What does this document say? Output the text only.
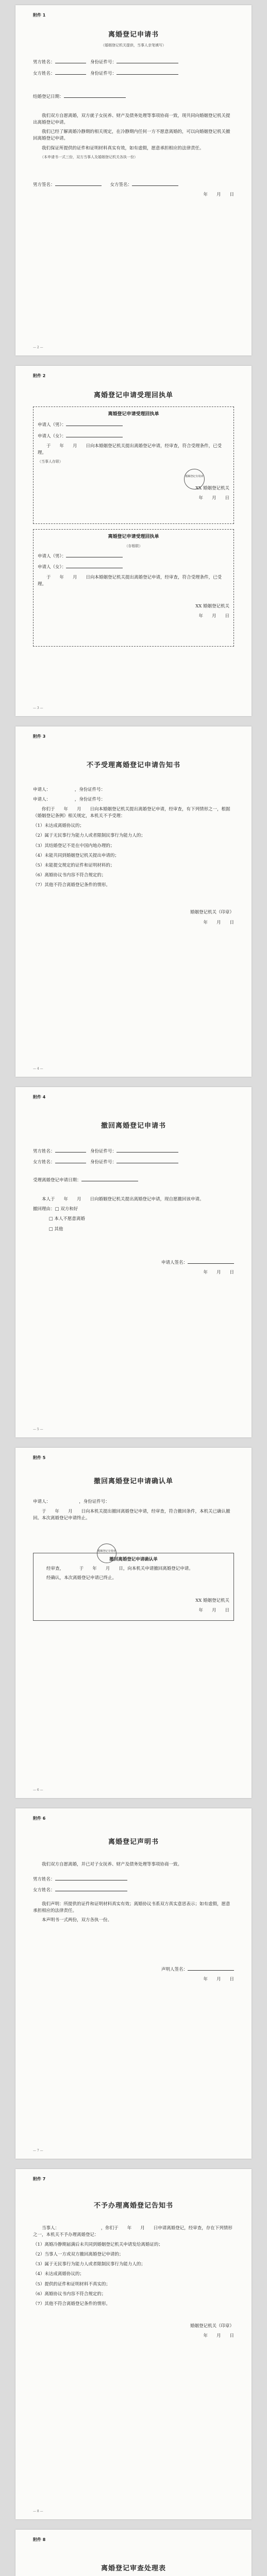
附件 1
离婚登记申请书
（婚姻登记机关提供，当事人亲笔填写）
男方姓名：　	身份证件号：
女方姓名：　	身份证件号：
结婚登记日期：
我们双方自愿离婚，双方就子女抚养、财产及债务处理等事项协商一致，现共同向婚姻登记机关提出离婚登记申请。
我们已经了解离婚冷静期的相关规定，在冷静期内任何一方不愿意离婚的，可以向婚姻登记机关撤回离婚登记申请。
我们保证所提供的证件和证明材料真实有效，如有虚假，愿意承担相应的法律责任。
（本申请书一式三份，双方当事人及婚姻登记机关各执一份）
男方签名：　　	女方签名：
年　　月　　日
— 2 —
附件 2
离婚登记申请受理回执单
离婚登记申请受理回执单
申请人（男）：
申请人（女）：
于　　年　　月　　日向本婚姻登记机关提出离婚登记申请，经审查，符合受理条件，已受理。
（当事人存联）
婚姻登记专用章
XX 婚姻登记机关
年　　月　　日
离婚登记申请受理回执单
（存根联）
申请人（男）：
申请人（女）：
于　　年　　月　　日向本婚姻登记机关提出离婚登记申请，经审查，符合受理条件，已受理。
XX 婚姻登记机关
年　　月　　日
— 3 —
附件 3
不予受理离婚登记申请告知书
申请人：　　　　　　，身份证件号：
申请人：　　　　　　，身份证件号：
你们于　　年　　月　　日向本婚姻登记机关提出离婚登记申请，经审查，有下列情形之一，根据《婚姻登记条例》相关规定，本机关不予受理：
（1）未达成离婚协议的；
（2）属于无民事行为能力人或者限制民事行为能力人的；
（3）其结婚登记不是在中国内地办理的；
（4）未能共同到婚姻登记机关提出申请的；
（5）未能提交规定的证件和证明材料的；
（6）离婚协议书内容不符合规定的；
（7）其他不符合离婚登记条件的情形。
婚姻登记机关（印章）
年　　月　　日
— 4 —
附件 4
撤回离婚登记申请书
男方姓名：　	身份证件号：
女方姓名：　	身份证件号：
受理离婚登记申请日期：
本人于　　年　　月　　日向婚姻登记机关提出离婚登记申请，现自愿撤回该申请。
撤回理由：□ 双方和好
□ 本人不愿意离婚
□ 其他
申请人签名：
年　　月　　日
— 5 —
附件 5
撤回离婚登记申请确认单
申请人：　　　　　　　，身份证件号：
于　　年　　月　　日向本机关提出撤回离婚登记申请，经审查，符合撤回条件，本机关已确认撤回。本次离婚登记申请终止。
婚姻登记专用章
撤回离婚登记申请确认单
经审查，　　　　于　　年　　月　　日，向本机关申请撤回离婚登记申请。
经确认，本次离婚登记申请已终止。
XX 婚姻登记机关
年　　月　　日
— 6 —
附件 6
离婚登记声明书
我们双方自愿离婚，并已对子女抚养、财产及债务处理等事项协商一致。
男方姓名：
女方姓名：
我们声明：所提供的证件和证明材料真实有效；离婚协议书系双方真实意思表示；如有虚假，愿意承担相应的法律责任。
本声明书一式两份，双方各执一份。
声明人签名：
年　　月　　日
— 7 —
附件 7
不予办理离婚登记告知书
当事人：　　　　　　　　　　，你们于　　年　　月　　日申请离婚登记，经审查，存在下列情形之一，本机关不予办理离婚登记：
（1）离婚冷静期届满后未共同到婚姻登记机关申请发给离婚证的；
（2）当事人一方或双方撤回离婚登记申请的；
（3）属于无民事行为能力人或者限制民事行为能力人的；
（4）未达成离婚协议的；
（5）提供的证件和证明材料不真实的；
（6）离婚协议书内容不符合规定的；
（7）其他不符合离婚登记条件的情形。
婚姻登记机关（印章）
年　　月　　日
— 8 —
附件 8
离婚登记审查处理表
